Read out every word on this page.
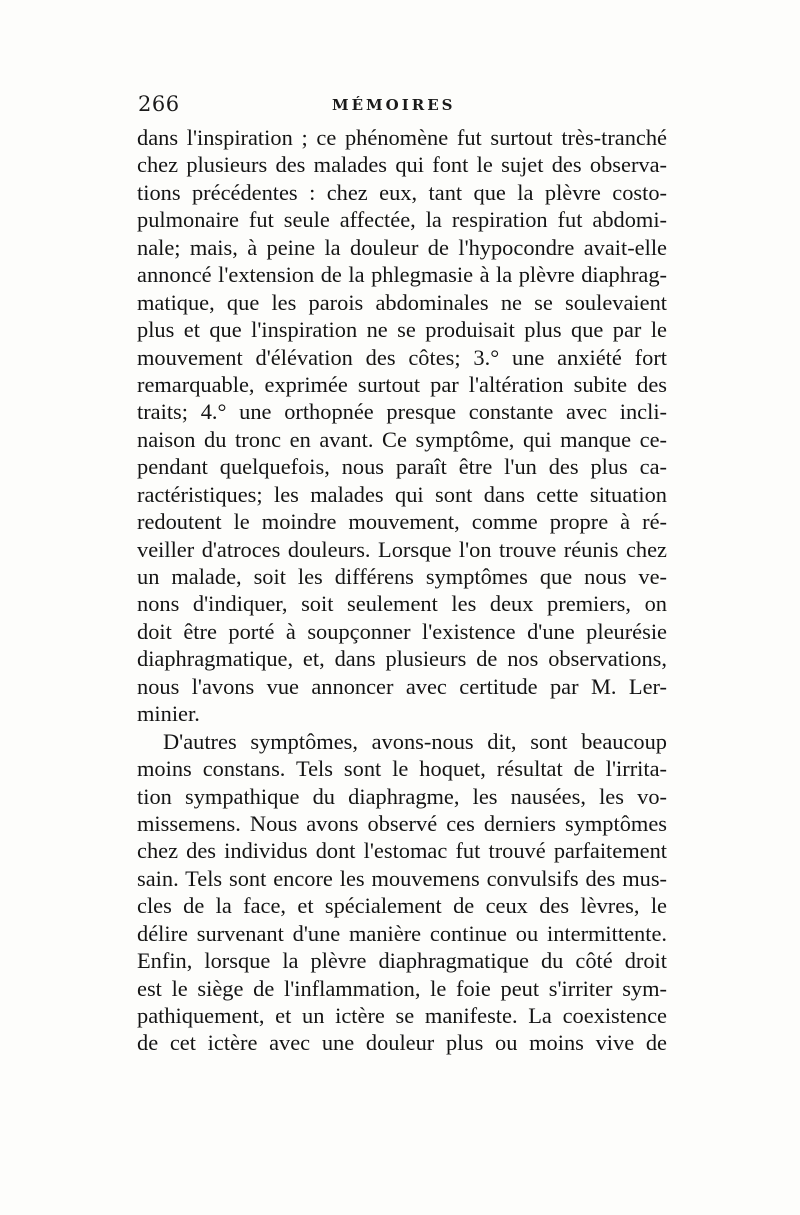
266	MÉMOIRES
dans l'inspiration ; ce phénomène fut surtout très-tranché
chez plusieurs des malades qui font le sujet des observa-
tions précédentes : chez eux, tant que la plèvre costo-
pulmonaire fut seule affectée, la respiration fut abdomi-
nale; mais, à peine la douleur de l'hypocondre avait-elle
annoncé l'extension de la phlegmasie à la plèvre diaphrag-
matique, que les parois abdominales ne se soulevaient
plus et que l'inspiration ne se produisait plus que par le
mouvement d'élévation des côtes; 3.° une anxiété fort
remarquable, exprimée surtout par l'altération subite des
traits; 4.° une orthopnée presque constante avec incli-
naison du tronc en avant. Ce symptôme, qui manque ce-
pendant quelquefois, nous paraît être l'un des plus ca-
ractéristiques; les malades qui sont dans cette situation
redoutent le moindre mouvement, comme propre à ré-
veiller d'atroces douleurs. Lorsque l'on trouve réunis chez
un malade, soit les différens symptômes que nous ve-
nons d'indiquer, soit seulement les deux premiers, on
doit être porté à soupçonner l'existence d'une pleurésie
diaphragmatique, et, dans plusieurs de nos observations,
nous l'avons vue annoncer avec certitude par M. Ler-
minier.
D'autres symptômes, avons-nous dit, sont beaucoup
moins constans. Tels sont le hoquet, résultat de l'irrita-
tion sympathique du diaphragme, les nausées, les vo-
missemens. Nous avons observé ces derniers symptômes
chez des individus dont l'estomac fut trouvé parfaitement
sain. Tels sont encore les mouvemens convulsifs des mus-
cles de la face, et spécialement de ceux des lèvres, le
délire survenant d'une manière continue ou intermittente.
Enfin, lorsque la plèvre diaphragmatique du côté droit
est le siège de l'inflammation, le foie peut s'irriter sym-
pathiquement, et un ictère se manifeste. La coexistence
de cet ictère avec une douleur plus ou moins vive de
